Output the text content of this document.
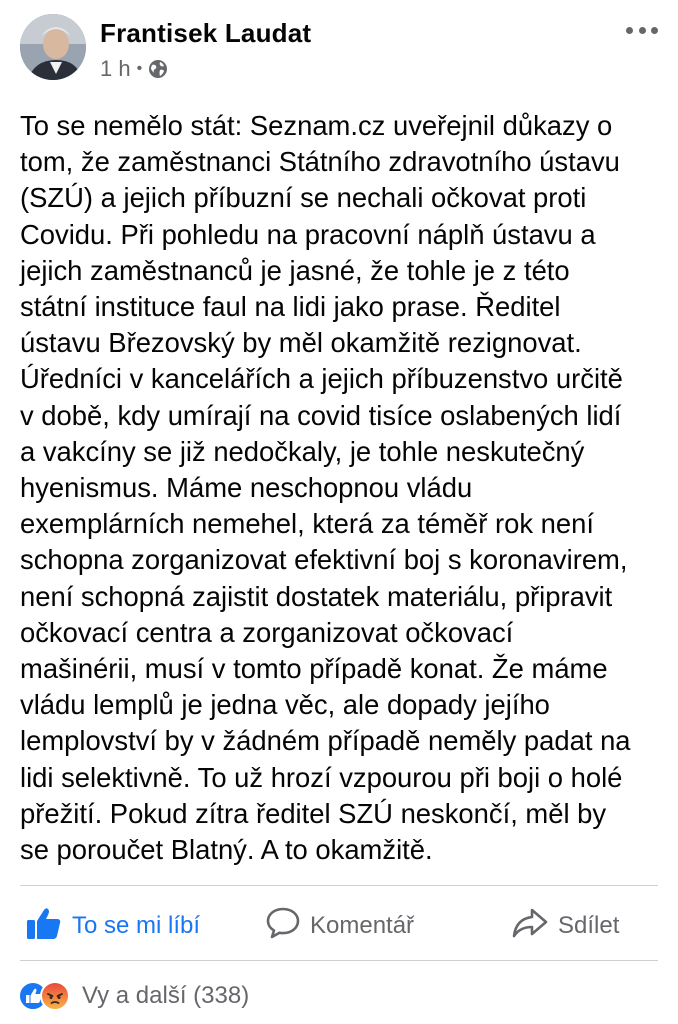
Frantisek Laudat
1 h •
To se nemělo stát: Seznam.cz uveřejnil důkazy o
tom, že zaměstnanci Státního zdravotního ústavu
(SZÚ) a jejich příbuzní se nechali očkovat proti
Covidu. Při pohledu na pracovní náplň ústavu a
jejich zaměstnanců je jasné, že tohle je z této
státní instituce faul na lidi jako prase. Ředitel
ústavu Březovský by měl okamžitě rezignovat.
Úředníci v kancelářích a jejich příbuzenstvo určitě
v době, kdy umírají na covid tisíce oslabených lidí
a vakcíny se již nedočkaly, je tohle neskutečný
hyenismus. Máme neschopnou vládu
exemplárních nemehel, která za téměř rok není
schopna zorganizovat efektivní boj s koronavirem,
není schopná zajistit dostatek materiálu, připravit
očkovací centra a zorganizovat očkovací
mašinérii, musí v tomto případě konat. Že máme
vládu lemplů je jedna věc, ale dopady jejího
lemplovství by v žádném případě neměly padat na
lidi selektivně. To už hrozí vzpourou při boji o holé
přežití. Pokud zítra ředitel SZÚ neskončí, měl by
se poroučet Blatný. A to okamžitě.
To se mi líbí	Komentář	Sdílet
Vy a další (338)
